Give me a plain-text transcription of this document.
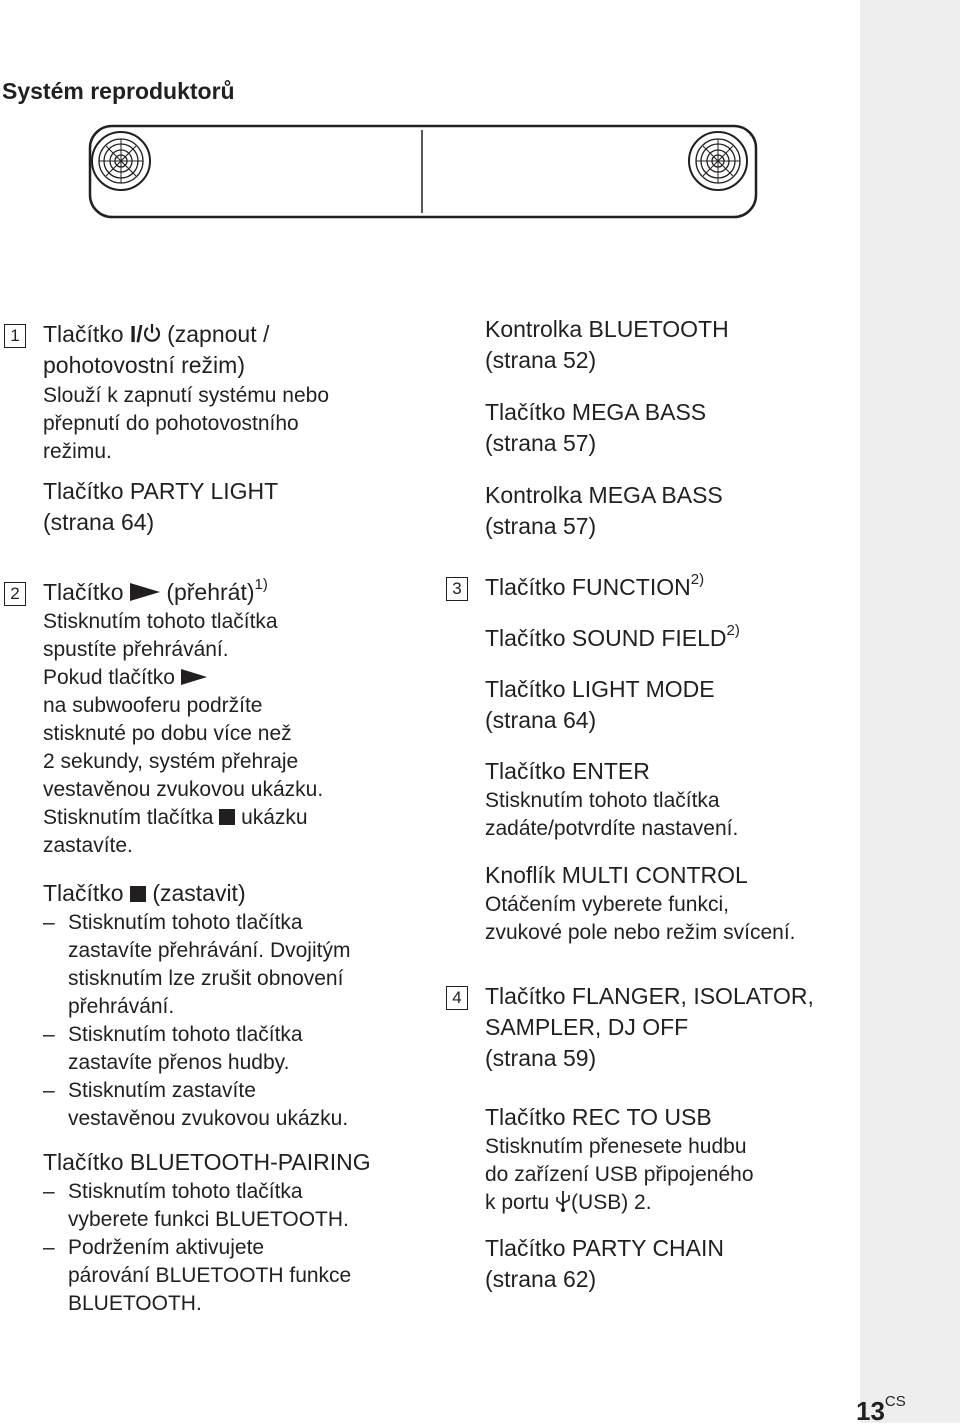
Systém reproduktorů
1 Tlačítko I/ (zapnout /
pohotovostní režim)
Slouží k zapnutí systému nebo
přepnutí do pohotovostního
režimu.
Tlačítko PARTY LIGHT
(strana 64)
2 Tlačítko (přehrát)$^{1)}$
Stisknutím tohoto tlačítka
spustíte přehrávání.
Pokud tlačítko
na subwooferu podržíte
stisknuté po dobu více než
2 sekundy, systém přehraje
vestavěnou zvukovou ukázku.
Stisknutím tlačítka ukázku
zastavíte.
Tlačítko (zastavit)
– Stisknutím tohoto tlačítka
zastavíte přehrávání. Dvojitým
stisknutím lze zrušit obnovení
přehrávání.
– Stisknutím tohoto tlačítka
zastavíte přenos hudby.
– Stisknutím zastavíte
vestavěnou zvukovou ukázku.
Tlačítko BLUETOOTH-PAIRING
– Stisknutím tohoto tlačítka
vyberete funkci BLUETOOTH.
– Podržením aktivujete
párování BLUETOOTH funkce
BLUETOOTH.
Kontrolka BLUETOOTH
(strana 52)
Tlačítko MEGA BASS
(strana 57)
Kontrolka MEGA BASS
(strana 57)
3 Tlačítko FUNCTION$^{2)}$
Tlačítko SOUND FIELD$^{2)}$
Tlačítko LIGHT MODE
(strana 64)
Tlačítko ENTER
Stisknutím tohoto tlačítka
zadáte/potvrdíte nastavení.
Knoflík MULTI CONTROL
Otáčením vyberete funkci,
zvukové pole nebo režim svícení.
4 Tlačítko FLANGER, ISOLATOR,
SAMPLER, DJ OFF
(strana 59)
Tlačítko REC TO USB
Stisknutím přenesete hudbu
do zařízení USB připojeného
k portu (USB) 2.
Tlačítko PARTY CHAIN
(strana 62)
$13^{CS}$
